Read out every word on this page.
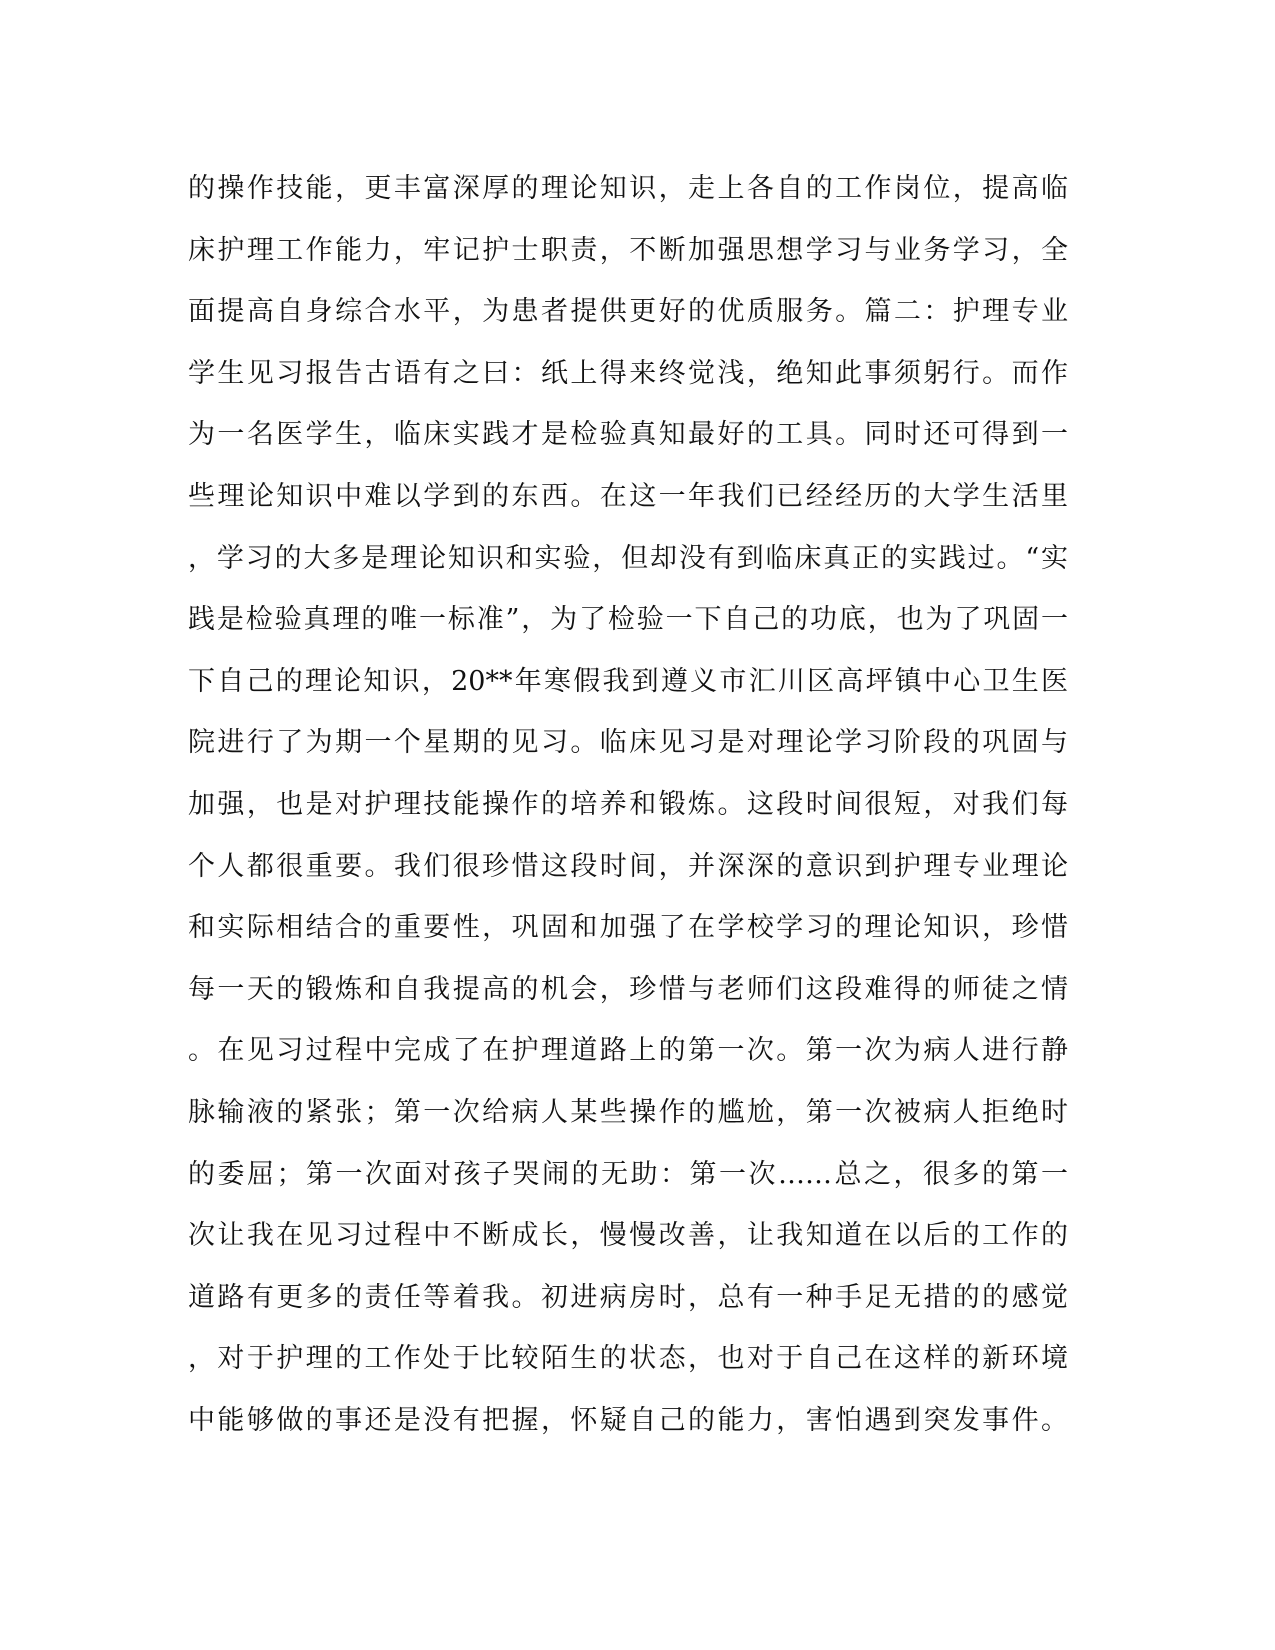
的操作技能，更丰富深厚的理论知识，走上各自的工作岗位，提高临
床护理工作能力，牢记护士职责，不断加强思想学习与业务学习，全
面提高自身综合水平，为患者提供更好的优质服务。篇二：护理专业
学生见习报告古语有之曰：纸上得来终觉浅，绝知此事须躬行。而作
为一名医学生，临床实践才是检验真知最好的工具。同时还可得到一
些理论知识中难以学到的东西。在这一年我们已经经历的大学生活里
，学习的大多是理论知识和实验，但却没有到临床真正的实践过。“实
践是检验真理的唯一标准”，为了检验一下自己的功底，也为了巩固一
下自己的理论知识，20**年寒假我到遵义市汇川区高坪镇中心卫生医
院进行了为期一个星期的见习。临床见习是对理论学习阶段的巩固与
加强，也是对护理技能操作的培养和锻炼。这段时间很短，对我们每
个人都很重要。我们很珍惜这段时间，并深深的意识到护理专业理论
和实际相结合的重要性，巩固和加强了在学校学习的理论知识，珍惜
每一天的锻炼和自我提高的机会，珍惜与老师们这段难得的师徒之情
。在见习过程中完成了在护理道路上的第一次。第一次为病人进行静
脉输液的紧张；第一次给病人某些操作的尴尬，第一次被病人拒绝时
的委屈；第一次面对孩子哭闹的无助：第一次……总之，很多的第一
次让我在见习过程中不断成长，慢慢改善，让我知道在以后的工作的
道路有更多的责任等着我。初进病房时，总有一种手足无措的的感觉
，对于护理的工作处于比较陌生的状态，也对于自己在这样的新环境
中能够做的事还是没有把握，怀疑自己的能力，害怕遇到突发事件。
